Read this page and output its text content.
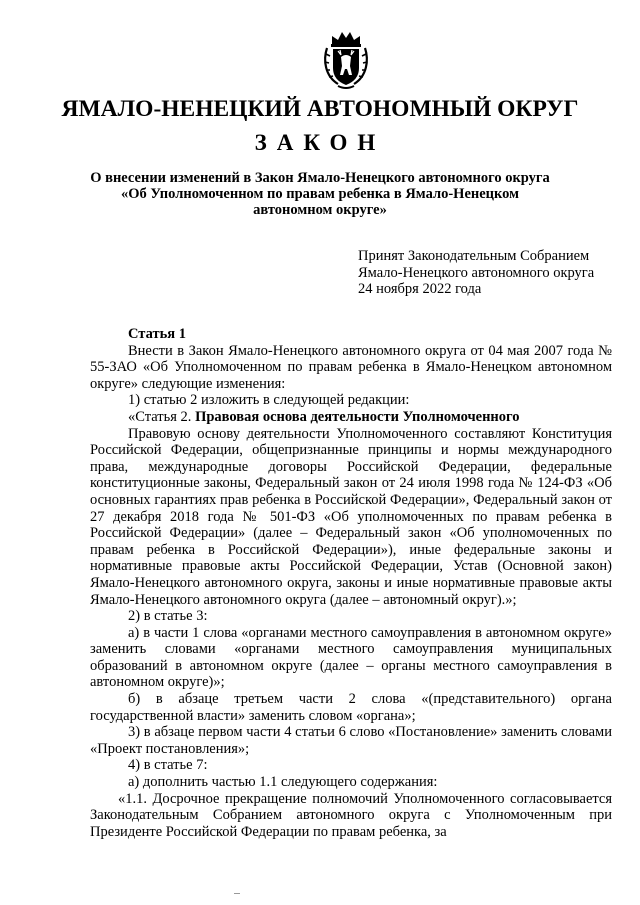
ЯМАЛО-НЕНЕЦКИЙ АВТОНОМНЫЙ ОКРУГ
ЗАКОН
О внесении изменений в Закон Ямало-Ненецкого автономного округа «Об Уполномоченном по правам ребенка в Ямало-Ненецком автономном округе»
Принят Законодательным Собранием
Ямало-Ненецкого автономного округа
24 ноября 2022 года

Статья 1

Внести в Закон Ямало-Ненецкого автономного округа от 04 мая 2007 года № 55-ЗАО «Об Уполномоченном по правам ребенка в Ямало-Ненецком автономном округе» следующие изменения:

1) статью 2 изложить в следующей редакции:

«Статья 2. Правовая основа деятельности Уполномоченного

Правовую основу деятельности Уполномоченного составляют Конституция Российской Федерации, общепризнанные принципы и нормы международного права, международные договоры Российской Федерации, федеральные конституционные законы, Федеральный закон от 24 июля 1998 года № 124-ФЗ «Об основных гарантиях прав ребенка в Российской Федерации», Федеральный закон от 27 декабря 2018 года № 501-ФЗ «Об уполномоченных по правам ребенка в Российской Федерации» (далее – Федеральный закон «Об уполномоченных по правам ребенка в Российской Федерации»), иные федеральные законы и нормативные правовые акты Российской Федерации, Устав (Основной закон) Ямало-Ненецкого автономного округа, законы и иные нормативные правовые акты Ямало-Ненецкого автономного округа (далее – автономный округ).»;

2) в статье 3:

а) в части 1 слова «органами местного самоуправления в автономном округе» заменить словами «органами местного самоуправления муниципальных образований в автономном округе (далее – органы местного самоуправления в автономном округе)»;

б) в абзаце третьем части 2 слова «(представительного) органа государственной власти» заменить словом «органа»;

3) в абзаце первом части 4 статьи 6 слово «Постановление» заменить словами «Проект постановления»;

4) в статье 7:

а) дополнить частью 1.1 следующего содержания:

«1.1. Досрочное прекращение полномочий Уполномоченного согласовывается Законодательным Собранием автономного округа с Уполномоченным при Президенте Российской Федерации по правам ребенка, за
